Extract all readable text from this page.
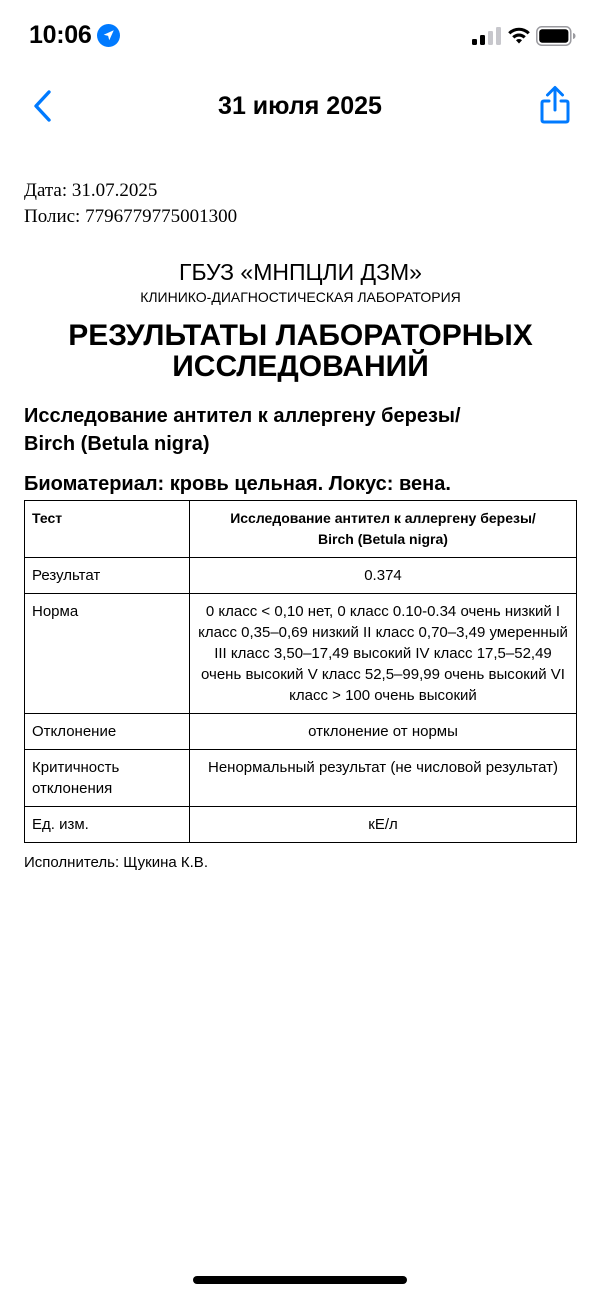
10:06
31 июля 2025
Дата: 31.07.2025
Полис: 7796779775001300
ГБУЗ «МНПЦЛИ ДЗМ»
КЛИНИКО-ДИАГНОСТИЧЕСКАЯ ЛАБОРАТОРИЯ
РЕЗУЛЬТАТЫ ЛАБОРАТОРНЫХ
ИССЛЕДОВАНИЙ
Исследование антител к аллергену березы/
Birch (Betula nigra)
Биоматериал: кровь цельная. Локус: вена.
Тест	Исследование антител к аллергену березы/
Birch (Betula nigra)

Результат	0.374
Норма	0 класс < 0,10 нет, 0 класс 0.10-0.34 очень низкий I класс 0,35–0,69 низкий II класс 0,70–3,49 умеренный III класс 3,50–17,49 высокий IV класс 17,5–52,49 очень высокий V класс 52,5–99,99 очень высокий VI класс > 100 очень высокий
Отклонение	отклонение от нормы

Критичность
отклонения	Ненормальный результат (не числовой результат)
Ед. изм.	кЕ/л
Исполнитель: Щукина К.В.
